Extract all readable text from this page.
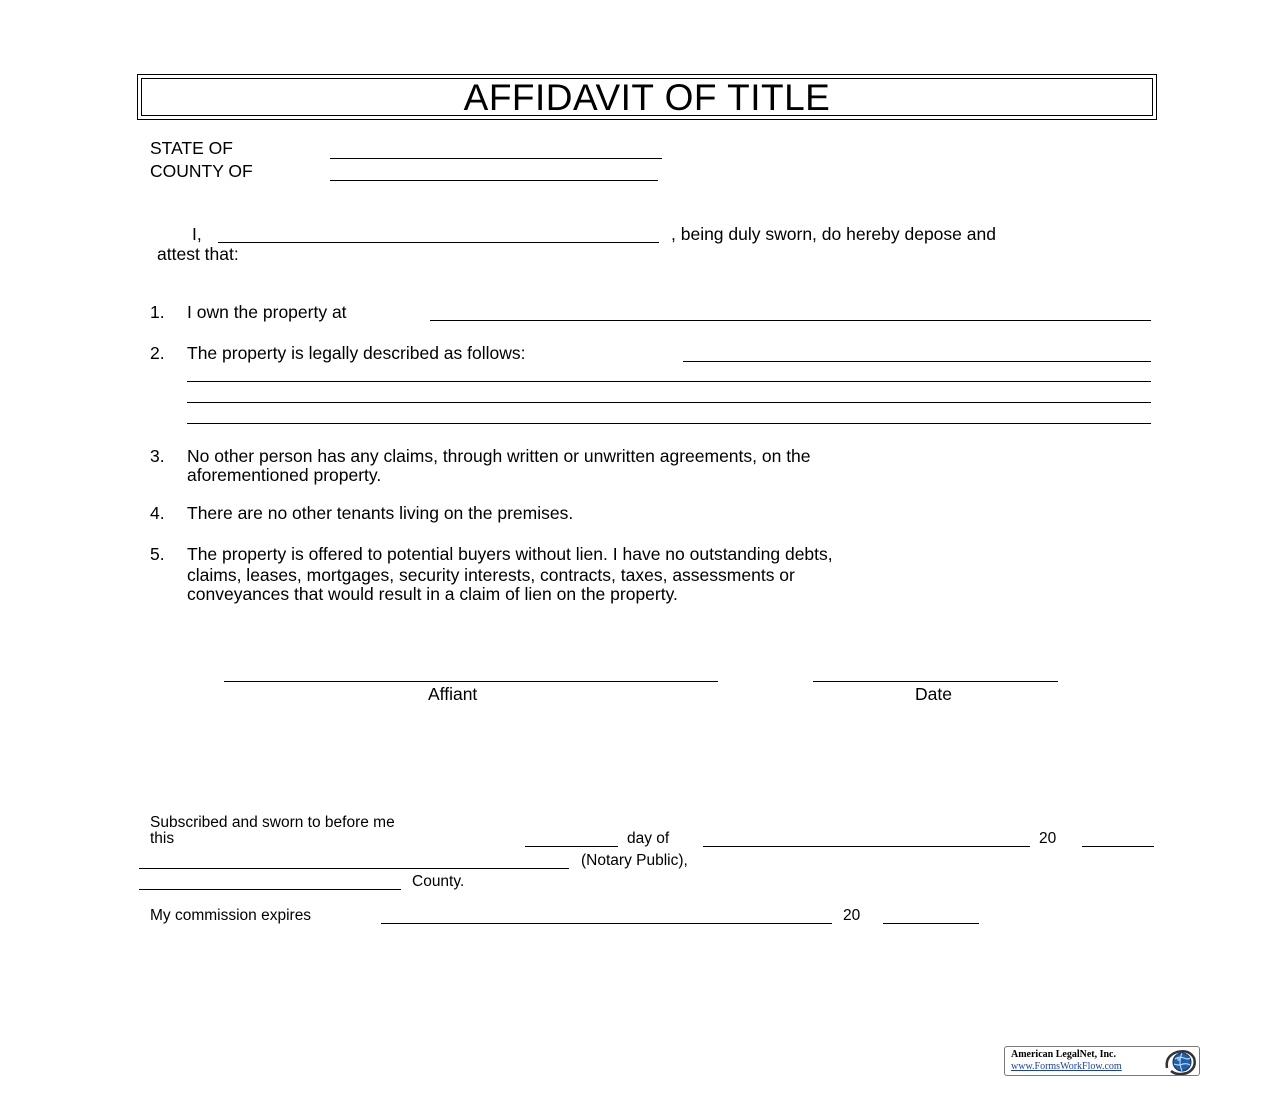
AFFIDAVIT OF TITLE
STATE OF
COUNTY OF
I,	, being duly sworn, do hereby depose and
attest that:
1. I own the property at
2. The property is legally described as follows:
3. No other person has any claims, through written or unwritten agreements, on the
aforementioned property.
4. There are no other tenants living on the premises.
5. The property is offered to potential buyers without lien. I have no outstanding debts,
claims, leases, mortgages, security interests, contracts, taxes, assessments or
conveyances that would result in a claim of lien on the property.
Affiant	Date
Subscribed and sworn to before me
this	day of	20
(Notary Public),
County.
My commission expires	20
American LegalNet, Inc.
www.FormsWorkFlow.com
